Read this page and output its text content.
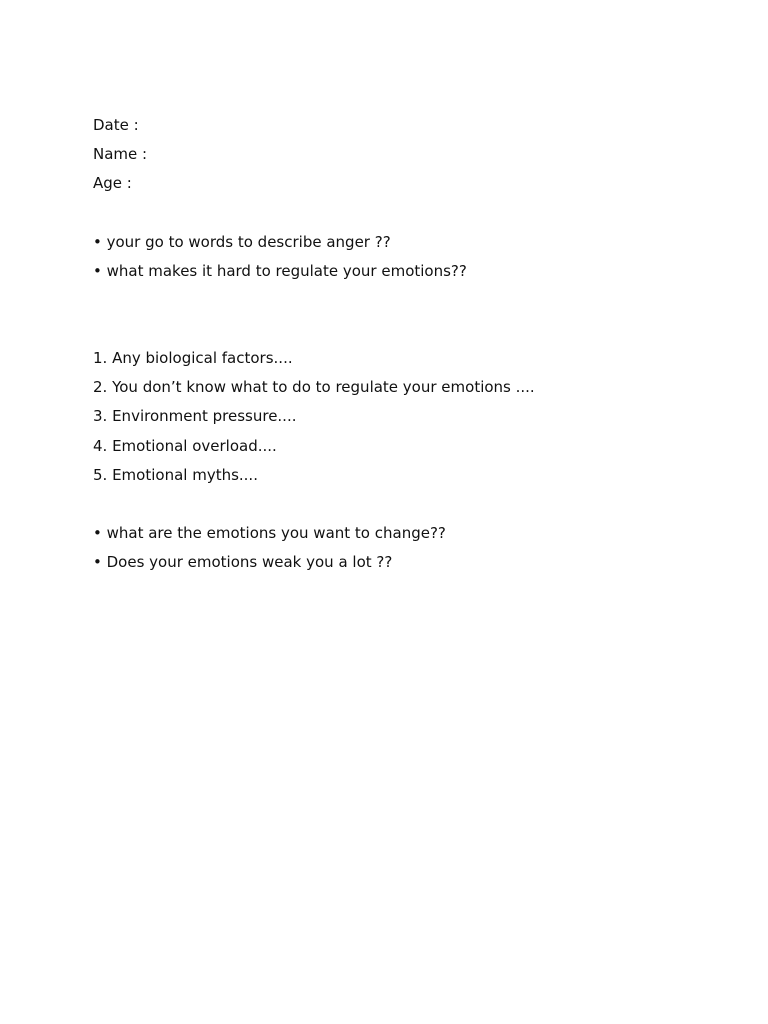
Date :
Name :
Age :
• your go to words to describe anger ??
• what makes it hard to regulate your emotions??
1. Any biological factors....
2. You don’t know what to do to regulate your emotions ....
3. Environment pressure....
4. Emotional overload....
5. Emotional myths....
• what are the emotions you want to change??
• Does your emotions weak you a lot ??
